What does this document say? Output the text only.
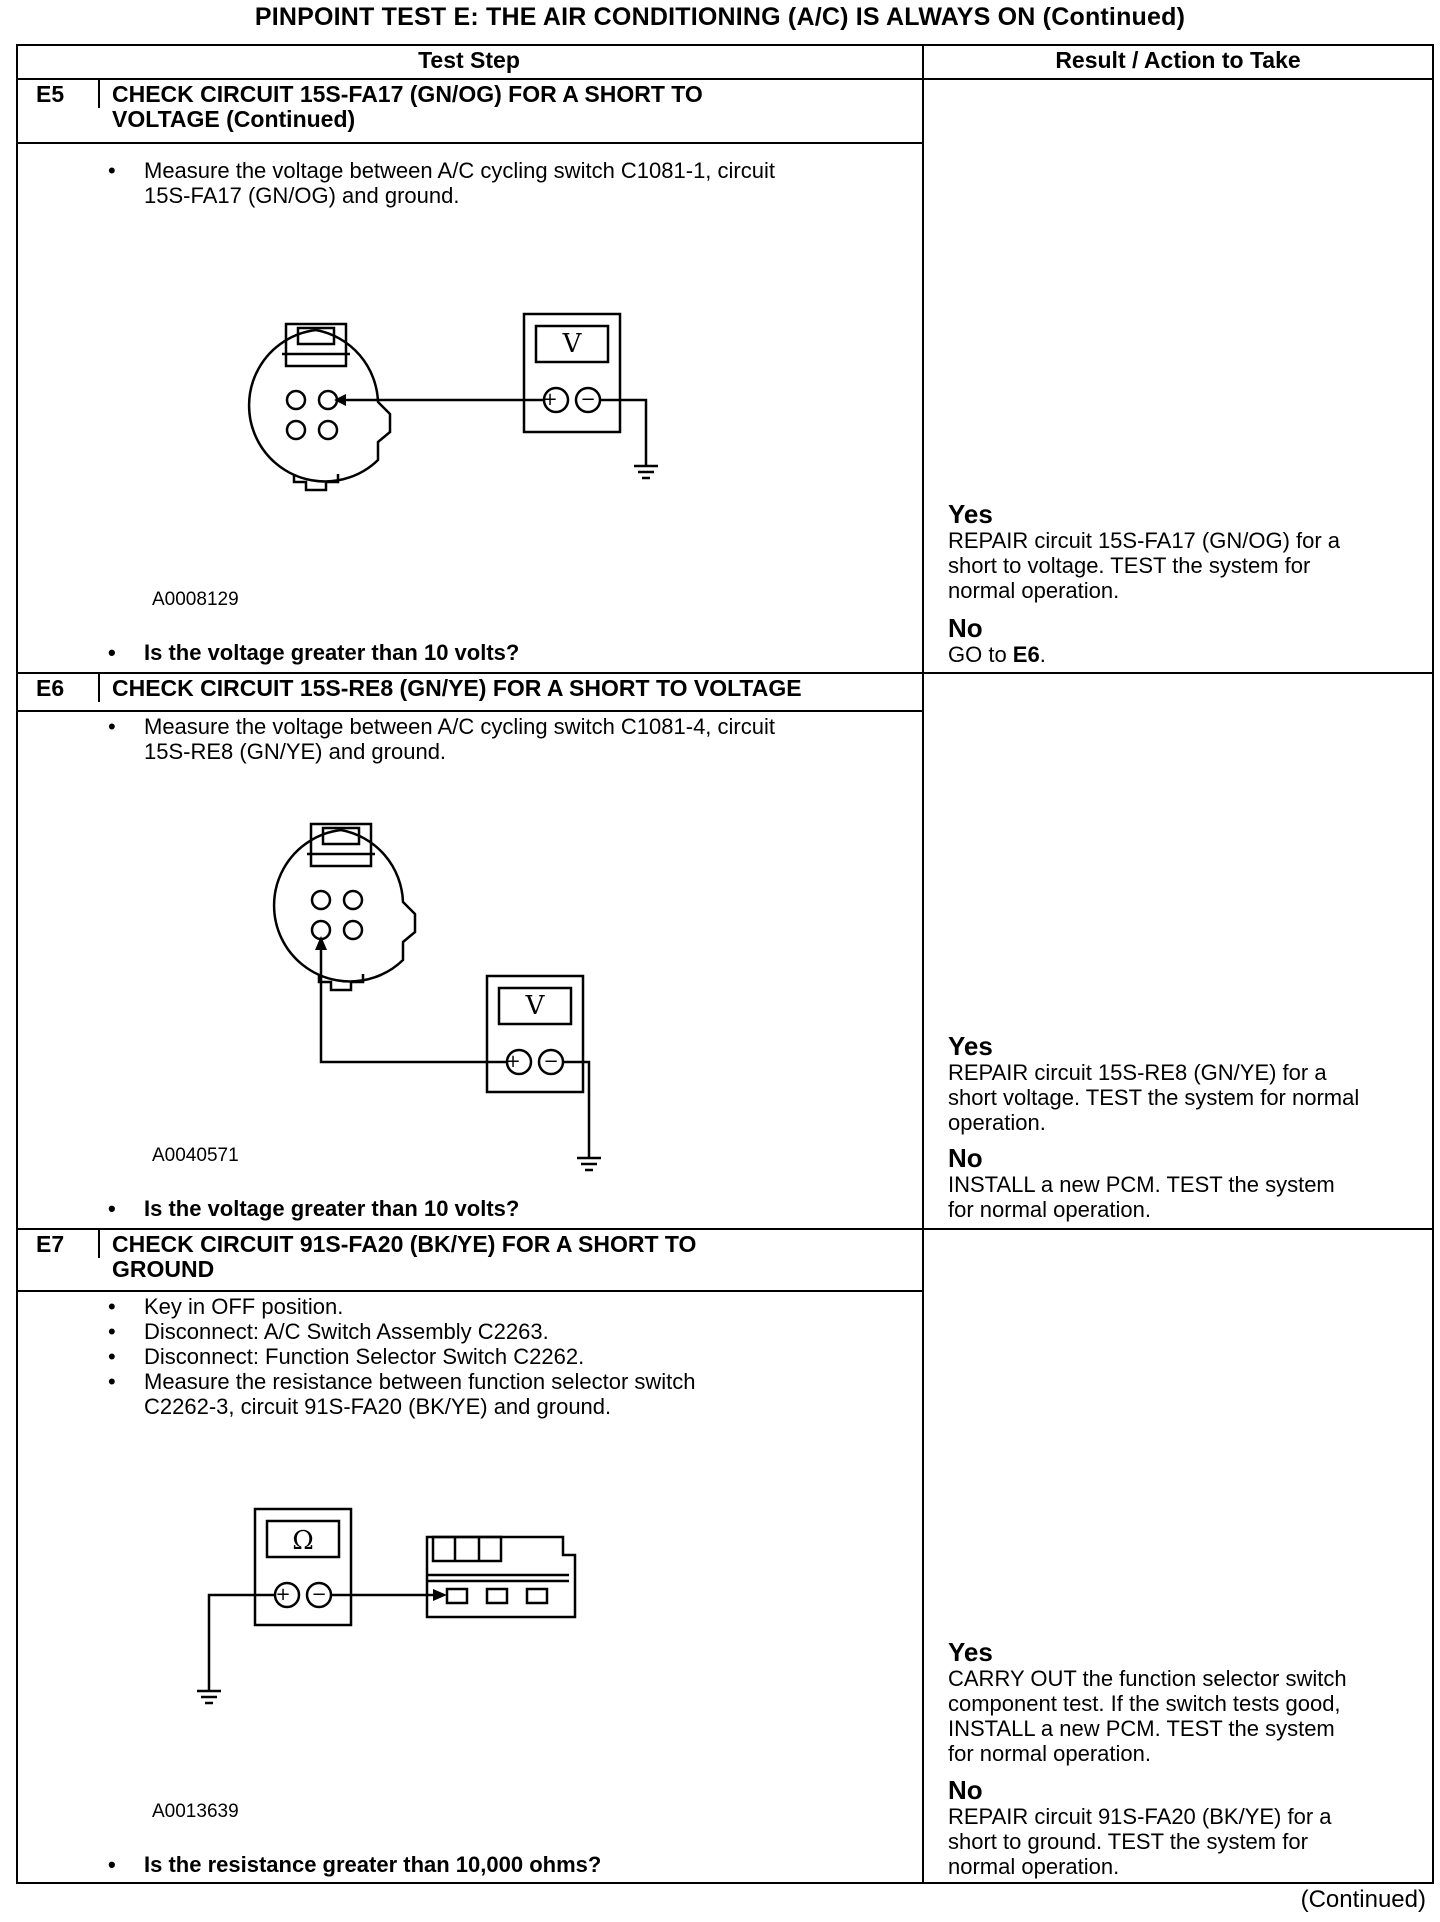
PINPOINT TEST E: THE AIR CONDITIONING (A/C) IS ALWAYS ON (Continued)
Test Step	Result / Action to Take
E5 CHECK CIRCUIT 15S-FA17 (GN/OG) FOR A SHORT TO
VOLTAGE (Continued)
• Measure the voltage between A/C cycling switch C1081-1, circuit
15S-FA17 (GN/OG) and ground.
+ −
V
A0008129
• Is the voltage greater than 10 volts?
Yes
REPAIR circuit 15S-FA17 (GN/OG) for a
short to voltage. TEST the system for
normal operation.
No
GO to E6.
E6 CHECK CIRCUIT 15S-RE8 (GN/YE) FOR A SHORT TO VOLTAGE
• Measure the voltage between A/C cycling switch C1081-4, circuit
15S-RE8 (GN/YE) and ground.
+ −
V
A0040571
• Is the voltage greater than 10 volts?
Yes
REPAIR circuit 15S-RE8 (GN/YE) for a
short voltage. TEST the system for normal
operation.
No
INSTALL a new PCM. TEST the system
for normal operation.
E7 CHECK CIRCUIT 91S-FA20 (BK/YE) FOR A SHORT TO
GROUND
• Key in OFF position.
• Disconnect: A/C Switch Assembly C2263.
• Disconnect: Function Selector Switch C2262.
• Measure the resistance between function selector switch
C2262-3, circuit 91S-FA20 (BK/YE) and ground.
+ −
Ω
A0013639
• Is the resistance greater than 10,000 ohms?
Yes
CARRY OUT the function selector switch
component test. If the switch tests good,
INSTALL a new PCM. TEST the system
for normal operation.
No
REPAIR circuit 91S-FA20 (BK/YE) for a
short to ground. TEST the system for
normal operation.
(Continued)
